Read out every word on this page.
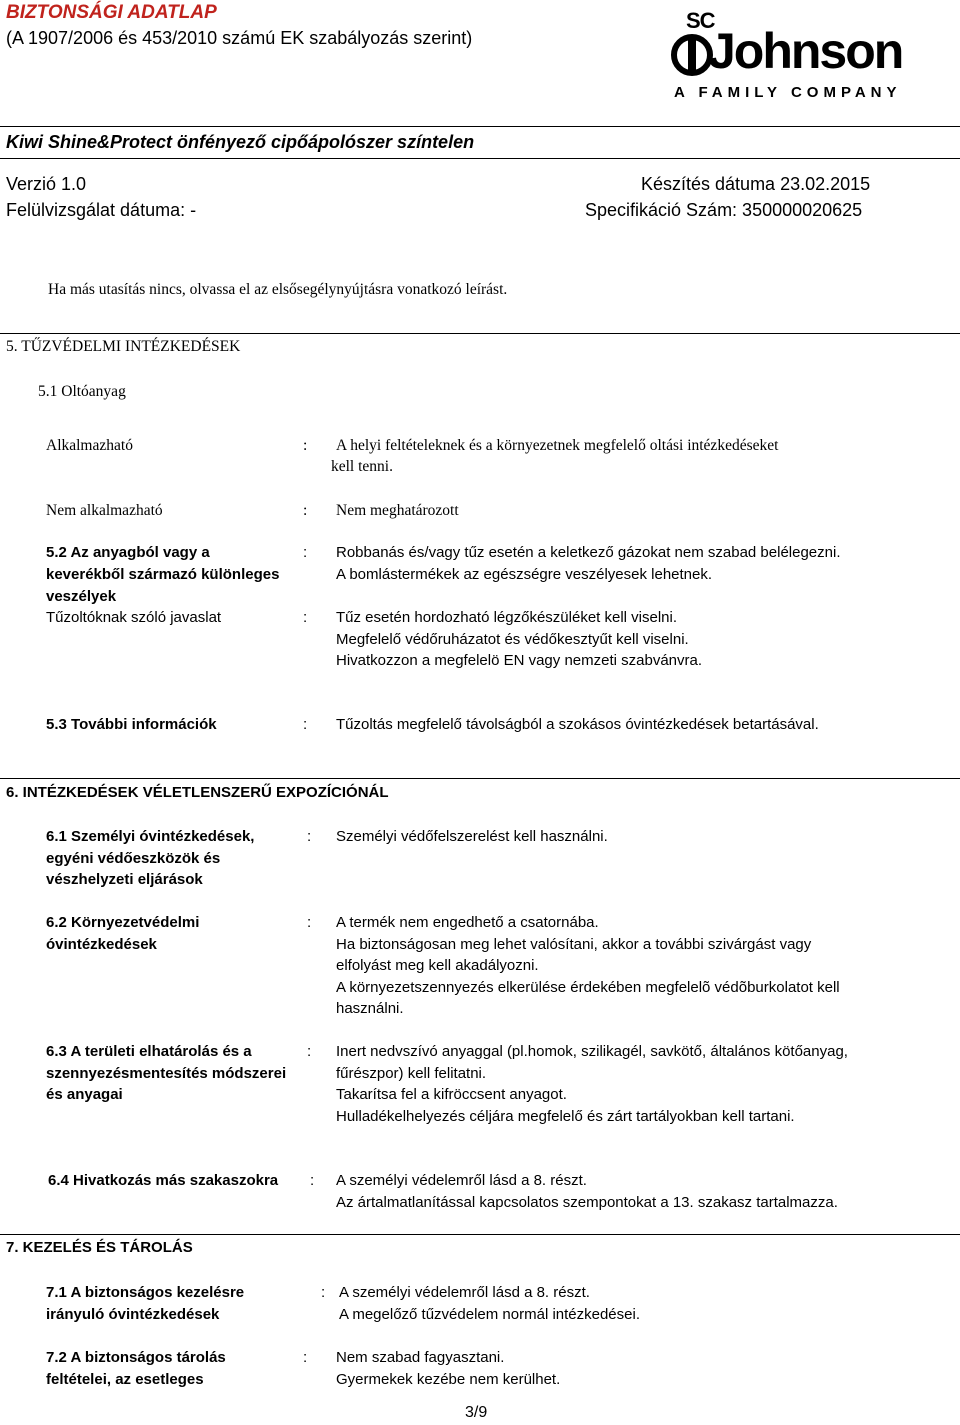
BIZTONSÁGI ADATLAP
(A 1907/2006 és 453/2010 számú EK szabályozás szerint)
SC
Johnson
A FAMILY COMPANY
Kiwi Shine&Protect önfényező cipőápolószer színtelen
Verzió 1.0
Felülvizsgálat dátuma: -
Készítés dátuma 23.02.2015
Specifikáció Szám: 350000020625
Ha más utasítás nincs, olvassa el az elsősegélynyújtásra vonatkozó leírást.
5. TŰZVÉDELMI INTÉZKEDÉSEK
5.1 Oltóanyag
Alkalmazható	: A helyi feltételeknek és a környezetnek megfelelő oltási intézkedéseket
kell tenni.
Nem alkalmazható	: Nem meghatározott
5.2 Az anyagból vagy a
keverékből származó különleges
veszélyek
: Robbanás és/vagy tűz esetén a keletkező gázokat nem szabad belélegezni.
A bomlástermékek az egészségre veszélyesek lehetnek.
Tűzoltóknak szóló javaslat	: Tűz esetén hordozható légzőkészüléket kell viselni.
Megfelelő védőruházatot és védőkesztyűt kell viselni.
Hivatkozzon a megfelelö EN vagy nemzeti szabvánvra.
5.3 További információk	: Tűzoltás megfelelő távolságból a szokásos óvintézkedések betartásával.
6. INTÉZKEDÉSEK VÉLETLENSZERŰ EXPOZÍCIÓNÁL
6.1 Személyi óvintézkedések,
egyéni védőeszközök és
vészhelyzeti eljárások
: Személyi védőfelszerelést kell használni.
6.2 Környezetvédelmi
óvintézkedések
: A termék nem engedhető a csatornába.
Ha biztonságosan meg lehet valósítani, akkor a további szivárgást vagy
elfolyást meg kell akadályozni.
A környezetszennyezés elkerülése érdekében megfelelõ védõburkolatot kell
használni.
6.3 A területi elhatárolás és a
szennyezésmentesítés módszerei
és anyagai
: Inert nedvszívó anyaggal (pl.homok, szilikagél, savkötő, általános kötőanyag,
fűrészpor) kell felitatni.
Takarítsa fel a kifröccsent anyagot.
Hulladékelhelyezés céljára megfelelő és zárt tartályokban kell tartani.
6.4 Hivatkozás más szakaszokra : A személyi védelemről lásd a 8. részt.
Az ártalmatlanítással kapcsolatos szempontokat a 13. szakasz tartalmazza.
7. KEZELÉS ÉS TÁROLÁS
7.1 A biztonságos kezelésre
irányuló óvintézkedések
: A személyi védelemről lásd a 8. részt.
A megelőző tűzvédelem normál intézkedései.
7.2 A biztonságos tárolás
feltételei, az esetleges
: Nem szabad fagyasztani.
Gyermekek kezébe nem kerülhet.
3/9
